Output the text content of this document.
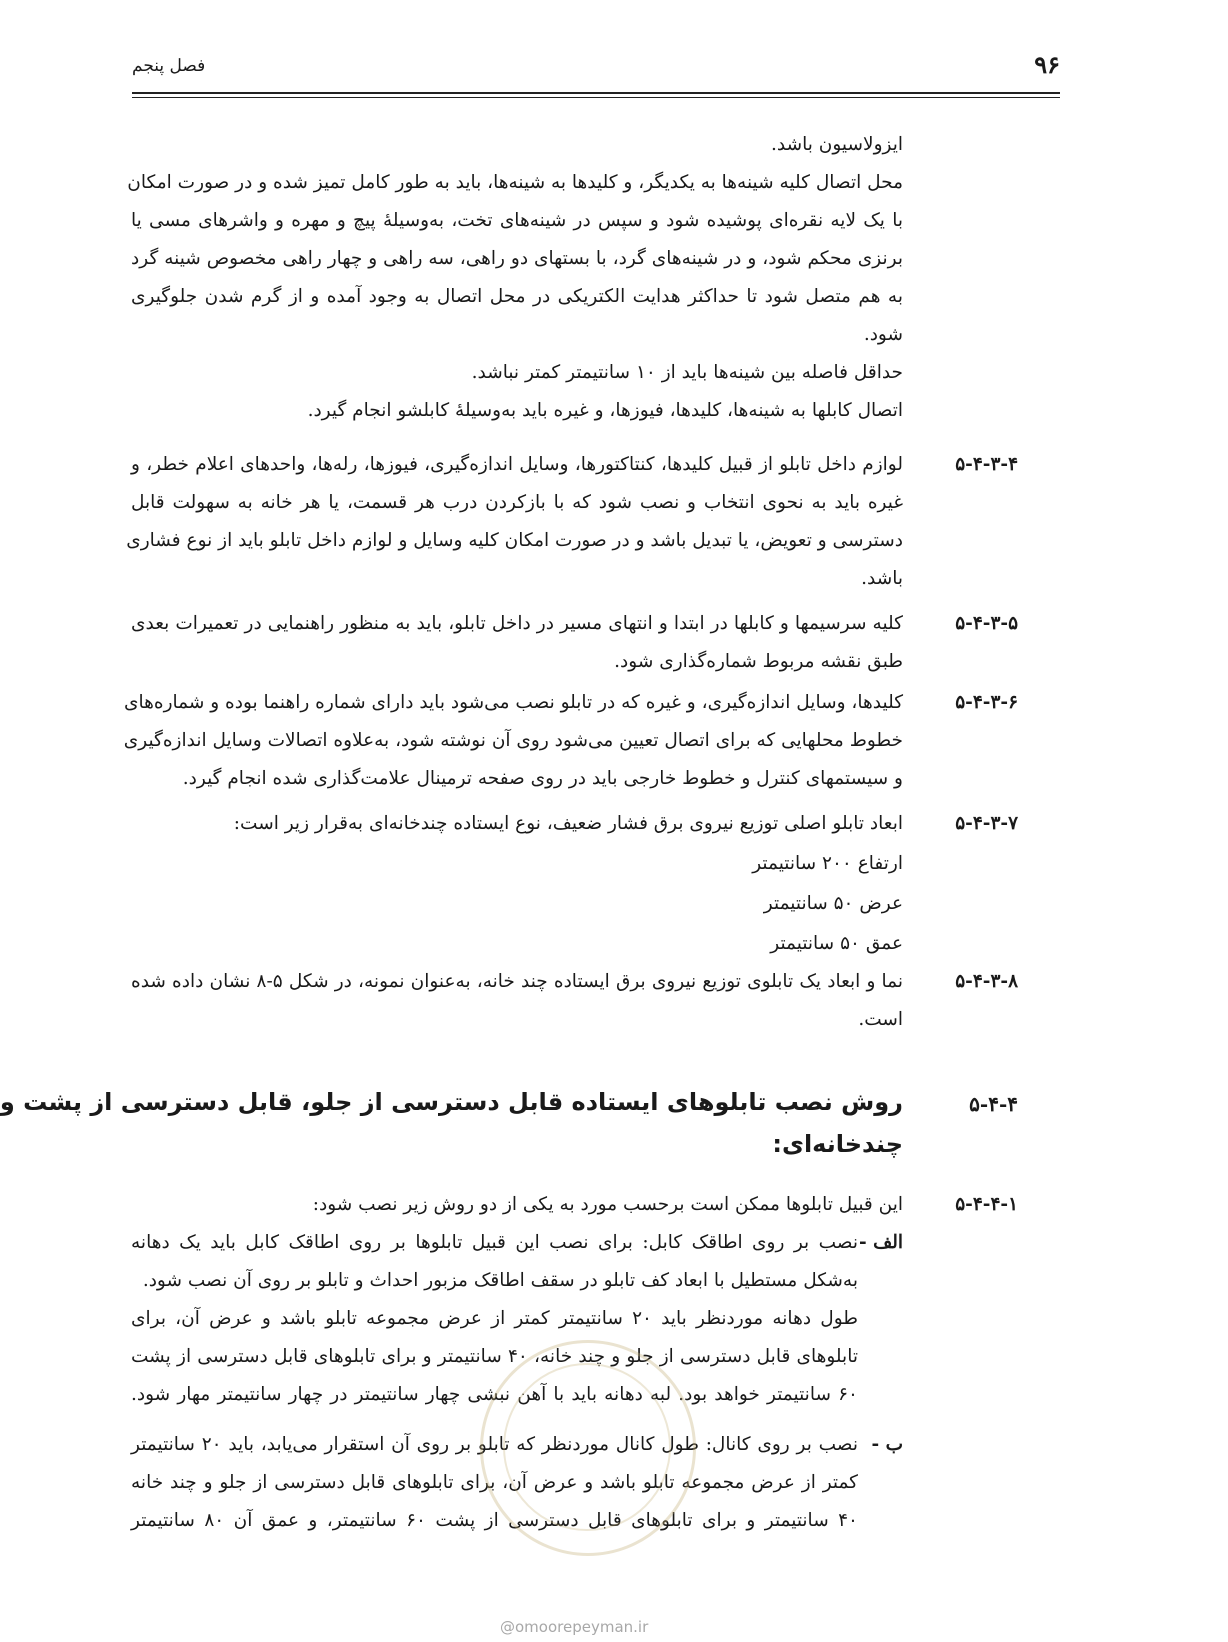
۹۶
فصل پنجم
ایزولاسیون باشد.
محل اتصال کلیه شینه‌ها به یکدیگر، و کلیدها به شینه‌ها، باید به طور کامل تمیز شده و در صورت امکان
با یک لایه نقره‌ای پوشیده شود و سپس در شینه‌های تخت، به‌وسیلهٔ پیچ و مهره و واشرهای مسی یا
برنزی محکم شود، و در شینه‌های گرد، با بستهای دو راهی، سه راهی و چهار راهی مخصوص شینه گرد
به هم متصل شود تا حداکثر هدایت الکتریکی در محل اتصال به وجود آمده و از گرم شدن جلوگیری
شود.
حداقل فاصله بین شینه‌ها باید از ۱۰ سانتیمتر کمتر نباشد.
اتصال کابلها به شینه‌ها، کلیدها، فیوزها، و غیره باید به‌وسیلهٔ کابلشو انجام گیرد.
۵-۴-۳-۴
لوازم داخل تابلو از قبیل کلیدها، کنتاکتورها، وسایل اندازه‌گیری، فیوزها، رله‌ها، واحدهای اعلام خطر، و
غیره باید به نحوی انتخاب و نصب شود که با بازکردن درب هر قسمت، یا هر خانه به سهولت قابل
دسترسی و تعویض، یا تبدیل باشد و در صورت امکان کلیه وسایل و لوازم داخل تابلو باید از نوع فشاری
باشد.
۵-۴-۳-۵
کلیه سرسیمها و کابلها در ابتدا و انتهای مسیر در داخل تابلو، باید به منظور راهنمایی در تعمیرات بعدی
طبق نقشه مربوط شماره‌گذاری شود.
۵-۴-۳-۶
کلیدها، وسایل اندازه‌گیری، و غیره که در تابلو نصب می‌شود باید دارای شماره راهنما بوده و شماره‌های
خطوط محلهایی که برای اتصال تعیین می‌شود روی آن نوشته شود، به‌علاوه اتصالات وسایل اندازه‌گیری
و سیستمهای کنترل و خطوط خارجی باید در روی صفحه ترمینال علامت‌گذاری شده انجام گیرد.
۵-۴-۳-۷
ابعاد تابلو اصلی توزیع نیروی برق فشار ضعیف، نوع ایستاده چندخانه‌ای به‌قرار زیر است:
ارتفاع ۲۰۰ سانتیمتر
عرض ۵۰ سانتیمتر
عمق ۵۰ سانتیمتر
۵-۴-۳-۸
نما و ابعاد یک تابلوی توزیع نیروی برق ایستاده چند خانه، به‌عنوان نمونه، در شکل ۵-۸ نشان داده شده
است.
۵-۴-۴
روش نصب تابلوهای ایستاده قابل دسترسی از جلو، قابل دسترسی از پشت و
چندخانه‌ای:
۵-۴-۴-۱
این قبیل تابلوها ممکن است برحسب مورد به یکی از دو روش زیر نصب شود:
الف -
نصب بر روی اطاقک کابل: برای نصب این قبیل تابلوها بر روی اطاقک کابل باید یک دهانه
به‌شکل مستطیل با ابعاد کف تابلو در سقف اطاقک مزبور احداث و تابلو بر روی آن نصب شود.
طول دهانه موردنظر باید ۲۰ سانتیمتر کمتر از عرض مجموعه تابلو باشد و عرض آن، برای
تابلوهای قابل دسترسی از جلو و چند خانه، ۴۰ سانتیمتر و برای تابلوهای قابل دسترسی از پشت
۶۰ سانتیمتر خواهد بود. لبه دهانه باید با آهن نبشی چهار سانتیمتر در چهار سانتیمتر مهار شود.
ب -
نصب بر روی کانال: طول کانال موردنظر که تابلو بر روی آن استقرار می‌یابد، باید ۲۰ سانتیمتر
کمتر از عرض مجموعه تابلو باشد و عرض آن، برای تابلوهای قابل دسترسی از جلو و چند خانه
۴۰ سانتیمتر و برای تابلوهای قابل دسترسی از پشت ۶۰ سانتیمتر، و عمق آن ۸۰ سانتیمتر
@omoorepeyman.ir
